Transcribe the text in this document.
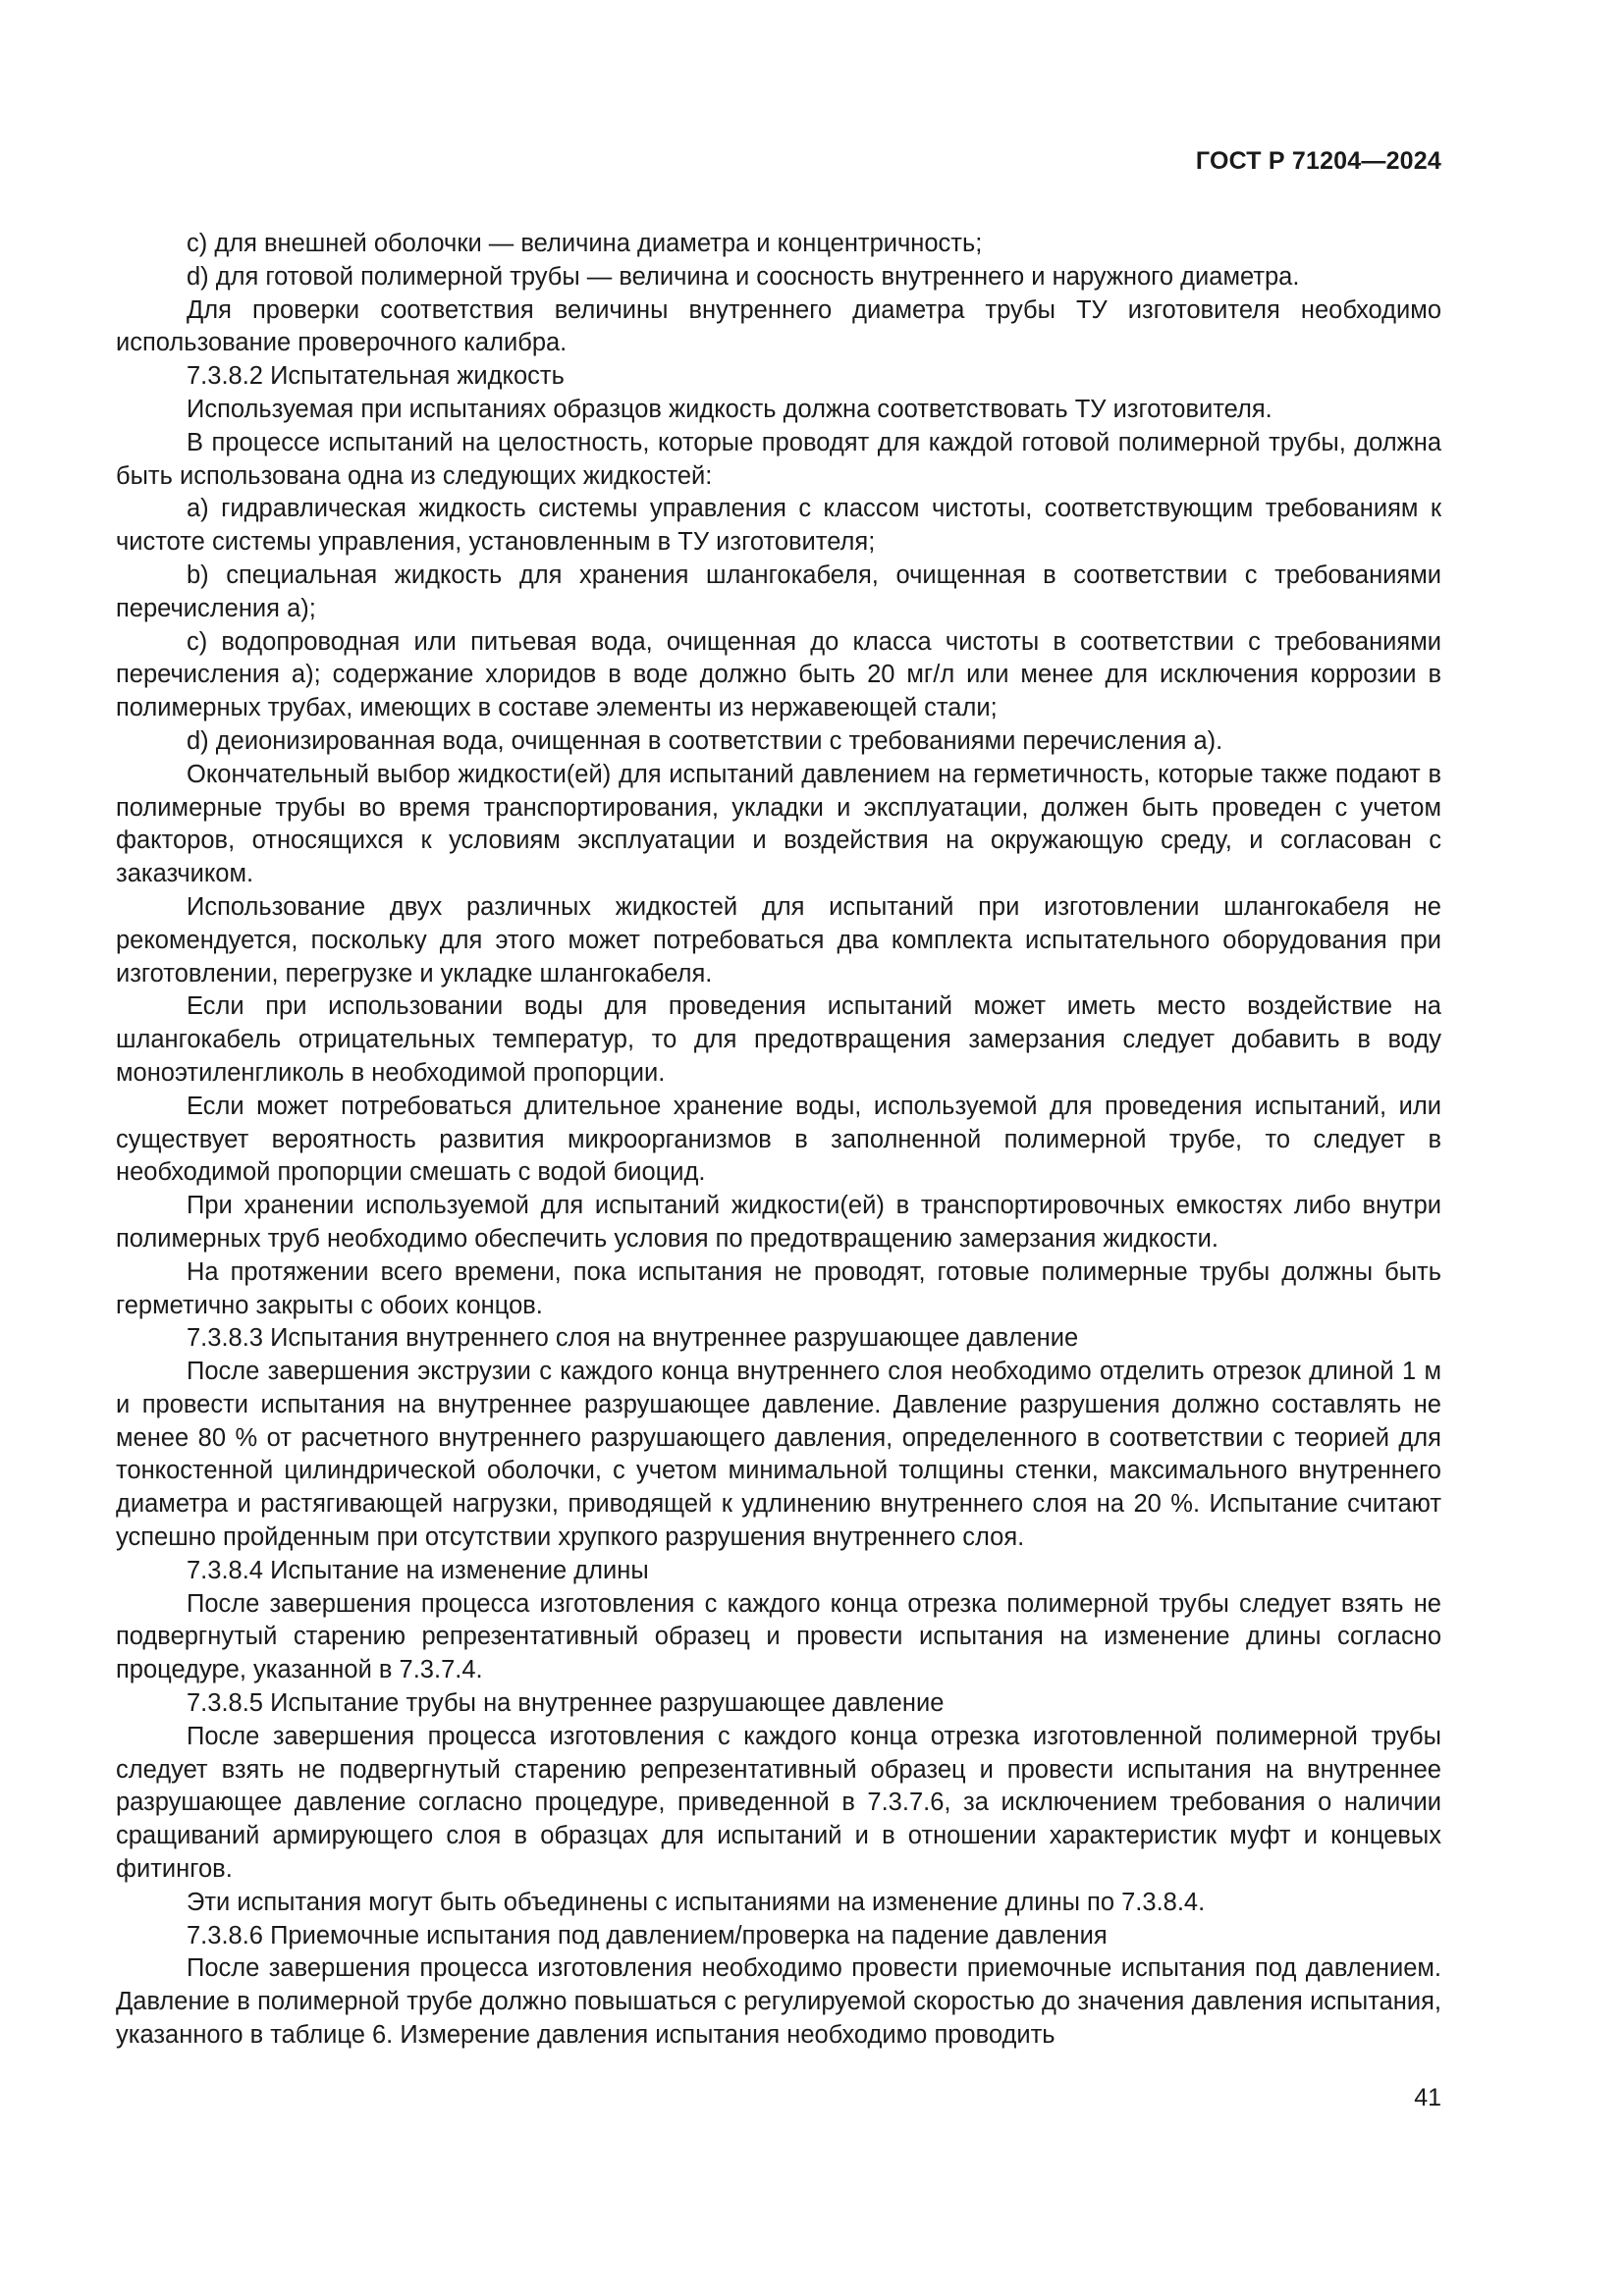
ГОСТ Р 71204—2024

c) для внешней оболочки — величина диаметра и концентричность;

d) для готовой полимерной трубы — величина и соосность внутреннего и наружного диаметра.

Для проверки соответствия величины внутреннего диаметра трубы ТУ изготовителя необходимо использование проверочного калибра.

7.3.8.2 Испытательная жидкость

Используемая при испытаниях образцов жидкость должна соответствовать ТУ изготовителя.

В процессе испытаний на целостность, которые проводят для каждой готовой полимерной трубы, должна быть использована одна из следующих жидкостей:

a) гидравлическая жидкость системы управления с классом чистоты, соответствующим требованиям к чистоте системы управления, установленным в ТУ изготовителя;

b) специальная жидкость для хранения шлангокабеля, очищенная в соответствии с требованиями перечисления а);

c) водопроводная или питьевая вода, очищенная до класса чистоты в соответствии с требованиями перечисления а); содержание хлоридов в воде должно быть 20 мг/л или менее для исключения коррозии в полимерных трубах, имеющих в составе элементы из нержавеющей стали;

d) деионизированная вода, очищенная в соответствии с требованиями перечисления а).

Окончательный выбор жидкости(ей) для испытаний давлением на герметичность, которые также подают в полимерные трубы во время транспортирования, укладки и эксплуатации, должен быть проведен с учетом факторов, относящихся к условиям эксплуатации и воздействия на окружающую среду, и согласован с заказчиком.

Использование двух различных жидкостей для испытаний при изготовлении шлангокабеля не рекомендуется, поскольку для этого может потребоваться два комплекта испытательного оборудования при изготовлении, перегрузке и укладке шлангокабеля.

Если при использовании воды для проведения испытаний может иметь место воздействие на шлангокабель отрицательных температур, то для предотвращения замерзания следует добавить в воду моноэтиленгликоль в необходимой пропорции.

Если может потребоваться длительное хранение воды, используемой для проведения испытаний, или существует вероятность развития микроорганизмов в заполненной полимерной трубе, то следует в необходимой пропорции смешать с водой биоцид.

При хранении используемой для испытаний жидкости(ей) в транспортировочных емкостях либо внутри полимерных труб необходимо обеспечить условия по предотвращению замерзания жидкости.

На протяжении всего времени, пока испытания не проводят, готовые полимерные трубы должны быть герметично закрыты с обоих концов.

7.3.8.3 Испытания внутреннего слоя на внутреннее разрушающее давление

После завершения экструзии с каждого конца внутреннего слоя необходимо отделить отрезок длиной 1 м и провести испытания на внутреннее разрушающее давление. Давление разрушения должно составлять не менее 80 % от расчетного внутреннего разрушающего давления, определенного в соответствии с теорией для тонкостенной цилиндрической оболочки, с учетом минимальной толщины стенки, максимального внутреннего диаметра и растягивающей нагрузки, приводящей к удлинению внутреннего слоя на 20 %. Испытание считают успешно пройденным при отсутствии хрупкого разрушения внутреннего слоя.

7.3.8.4 Испытание на изменение длины

После завершения процесса изготовления с каждого конца отрезка полимерной трубы следует взять не подвергнутый старению репрезентативный образец и провести испытания на изменение длины согласно процедуре, указанной в 7.3.7.4.

7.3.8.5 Испытание трубы на внутреннее разрушающее давление

После завершения процесса изготовления с каждого конца отрезка изготовленной полимерной трубы следует взять не подвергнутый старению репрезентативный образец и провести испытания на внутреннее разрушающее давление согласно процедуре, приведенной в 7.3.7.6, за исключением требования о наличии сращиваний армирующего слоя в образцах для испытаний и в отношении характеристик муфт и концевых фитингов.

Эти испытания могут быть объединены с испытаниями на изменение длины по 7.3.8.4.

7.3.8.6 Приемочные испытания под давлением/проверка на падение давления

После завершения процесса изготовления необходимо провести приемочные испытания под давлением. Давление в полимерной трубе должно повышаться с регулируемой скоростью до значения давления испытания, указанного в таблице 6. Измерение давления испытания необходимо проводить

41
